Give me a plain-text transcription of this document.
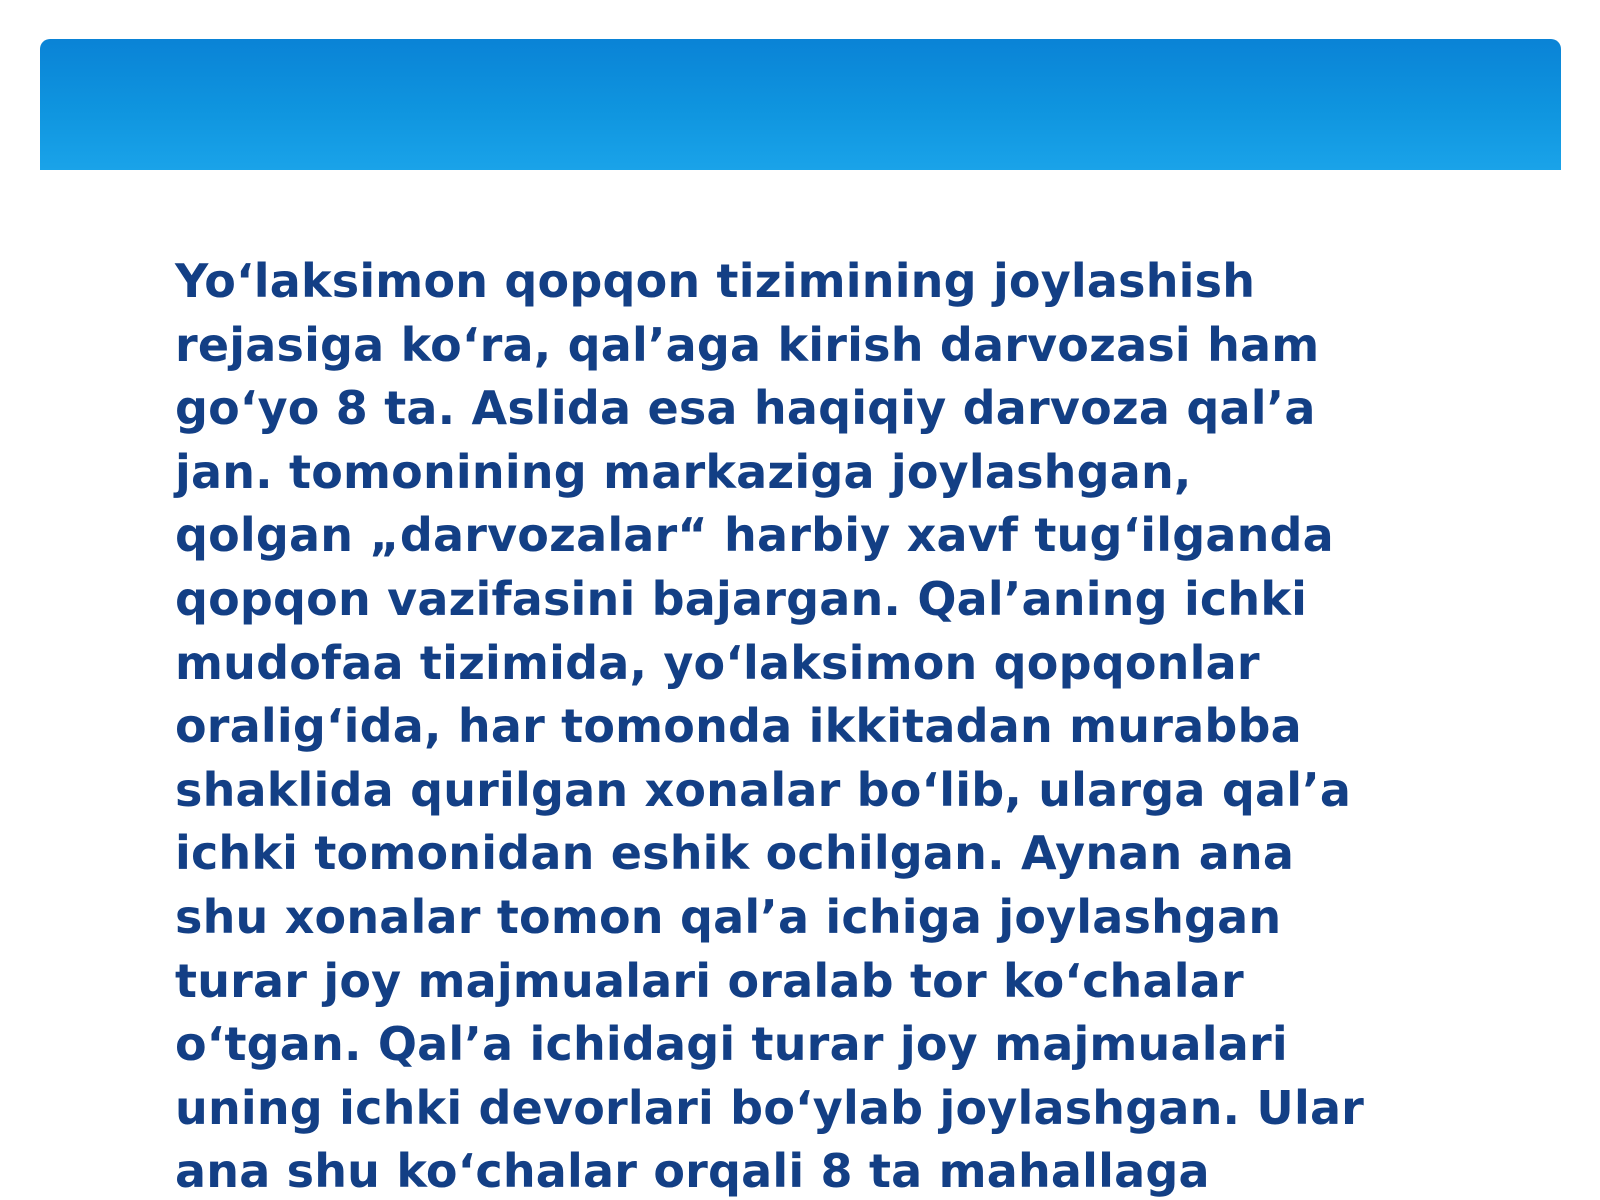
Yo‘laksimon qopqon tizimining joylashish
rejasiga ko‘ra, qal’aga kirish darvozasi ham
go‘yo 8 ta. Aslida esa haqiqiy darvoza qal’a
jan. tomonining markaziga joylashgan,
qolgan „darvozalar“ harbiy xavf tug‘ilganda
qopqon vazifasini bajargan. Qal’aning ichki
mudofaa tizimida, yo‘laksimon qopqonlar
oralig‘ida, har tomonda ikkitadan murabba
shaklida qurilgan xonalar bo‘lib, ularga qal’a
ichki tomonidan eshik ochilgan. Aynan ana
shu xonalar tomon qal’a ichiga joylashgan
turar joy majmualari oralab tor ko‘chalar
o‘tgan. Qal’a ichidagi turar joy majmualari
uning ichki devorlari bo‘ylab joylashgan. Ular
ana shu ko‘chalar orqali 8 ta mahallaga
